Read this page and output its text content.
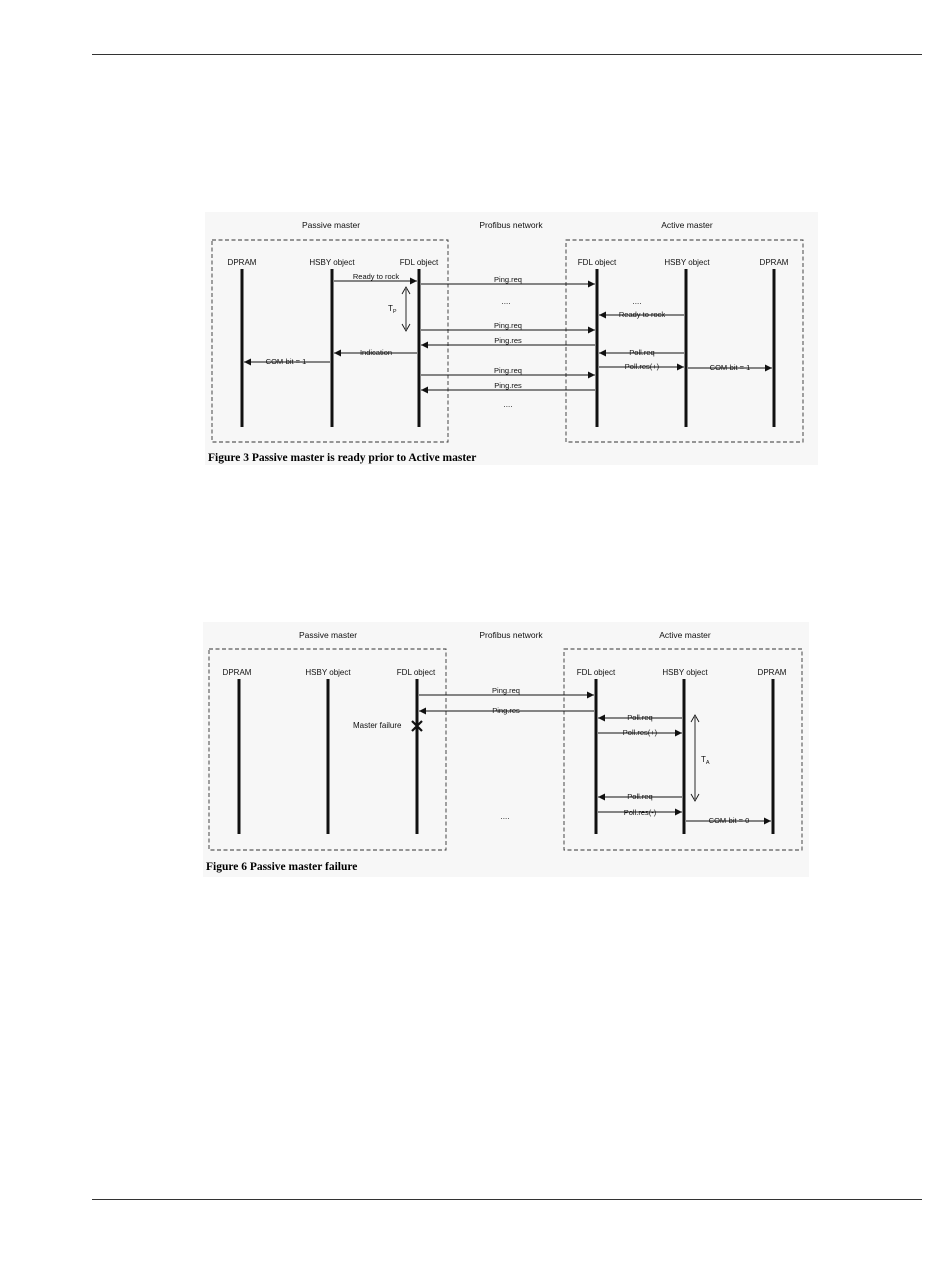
Passive master	Profibus network	Active master
DPRAM	HSBY object	FDL object	FDL object	HSBY object	DPRAM
Ready to rock	Ping.req
....	....
$T_P$	Ready to rock
Ping.req
Ping.res
Poll.req
Indication
COM-bit = 1
Poll.res(+)	COM-bit = 1
Ping.req
Ping.res
....
Figure 3 Passive master is ready prior to Active master
Passive master	Profibus network	Active master
DPRAM	HSBY object	FDL object	FDL object	HSBY object	DPRAM
Ping.req
Ping.res
Poll.req
Master failure
Poll.res(+)
$T_A$
Poll.req
....	Poll.res(-)
COM-bit = 0
Figure 6 Passive master failure
